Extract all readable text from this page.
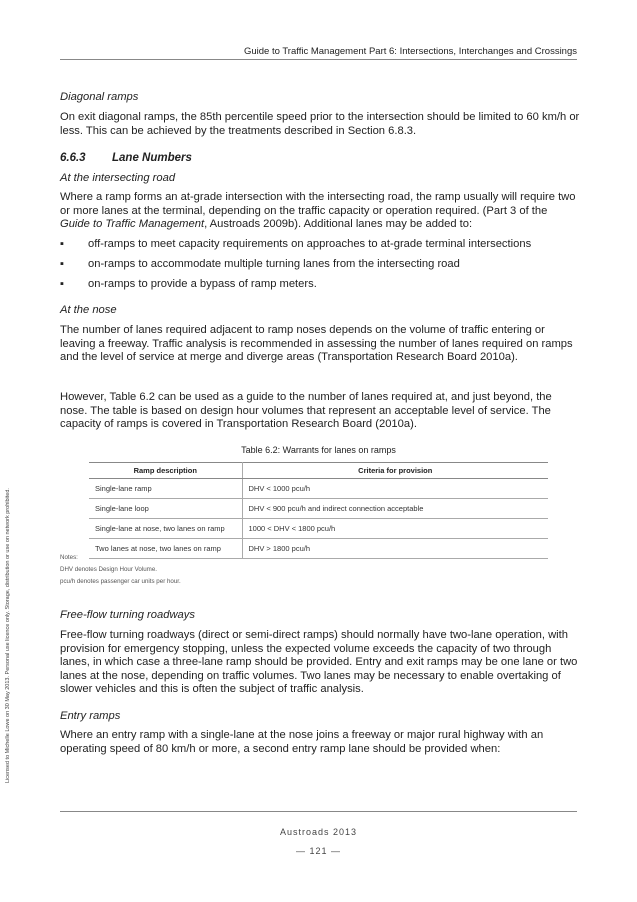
Guide to Traffic Management Part 6: Intersections, Interchanges and Crossings
Diagonal ramps
On exit diagonal ramps, the 85th percentile speed prior to the intersection should be limited to 60 km/h or less. This can be achieved by the treatments described in Section 6.8.3.
6.6.3 Lane Numbers
At the intersecting road
Where a ramp forms an at-grade intersection with the intersecting road, the ramp usually will require two or more lanes at the terminal, depending on the traffic capacity or operation required. (Part 3 of the Guide to Traffic Management, Austroads 2009b). Additional lanes may be added to:
▪ off-ramps to meet capacity requirements on approaches to at-grade terminal intersections
▪ on-ramps to accommodate multiple turning lanes from the intersecting road
▪ on-ramps to provide a bypass of ramp meters.
At the nose
The number of lanes required adjacent to ramp noses depends on the volume of traffic entering or leaving a freeway. Traffic analysis is recommended in assessing the number of lanes required on ramps and the level of service at merge and diverge areas (Transportation Research Board 2010a).
However, Table 6.2 can be used as a guide to the number of lanes required at, and just beyond, the nose. The table is based on design hour volumes that represent an acceptable level of service. The capacity of ramps is covered in Transportation Research Board (2010a).
Table 6.2: Warrants for lanes on ramps
Ramp description	Criteria for provision
Single-lane ramp	DHV < 1000 pcu/h
Single-lane loop	DHV < 900 pcu/h and indirect connection acceptable
Single-lane at nose, two lanes on ramp	1000 < DHV < 1800 pcu/h
Two lanes at nose, two lanes on ramp	DHV > 1800 pcu/h
Notes:
DHV denotes Design Hour Volume.
pcu/h denotes passenger car units per hour.
Free-flow turning roadways
Free-flow turning roadways (direct or semi-direct ramps) should normally have two-lane operation, with provision for emergency stopping, unless the expected volume exceeds the capacity of two through lanes, in which case a three-lane ramp should be provided. Entry and exit ramps may be one lane or two lanes at the nose, depending on traffic volumes. Two lanes may be necessary to enable overtaking of slower vehicles and this is often the subject of traffic analysis.
Entry ramps
Where an entry ramp with a single-lane at the nose joins a freeway or major rural highway with an operating speed of 80 km/h or more, a second entry ramp lane should be provided when:
Austroads 2013
— 121 —
Licensed to Michelle Lowe on 30 May 2013. Personal use licence only. Storage, distribution or use on network prohibited.
